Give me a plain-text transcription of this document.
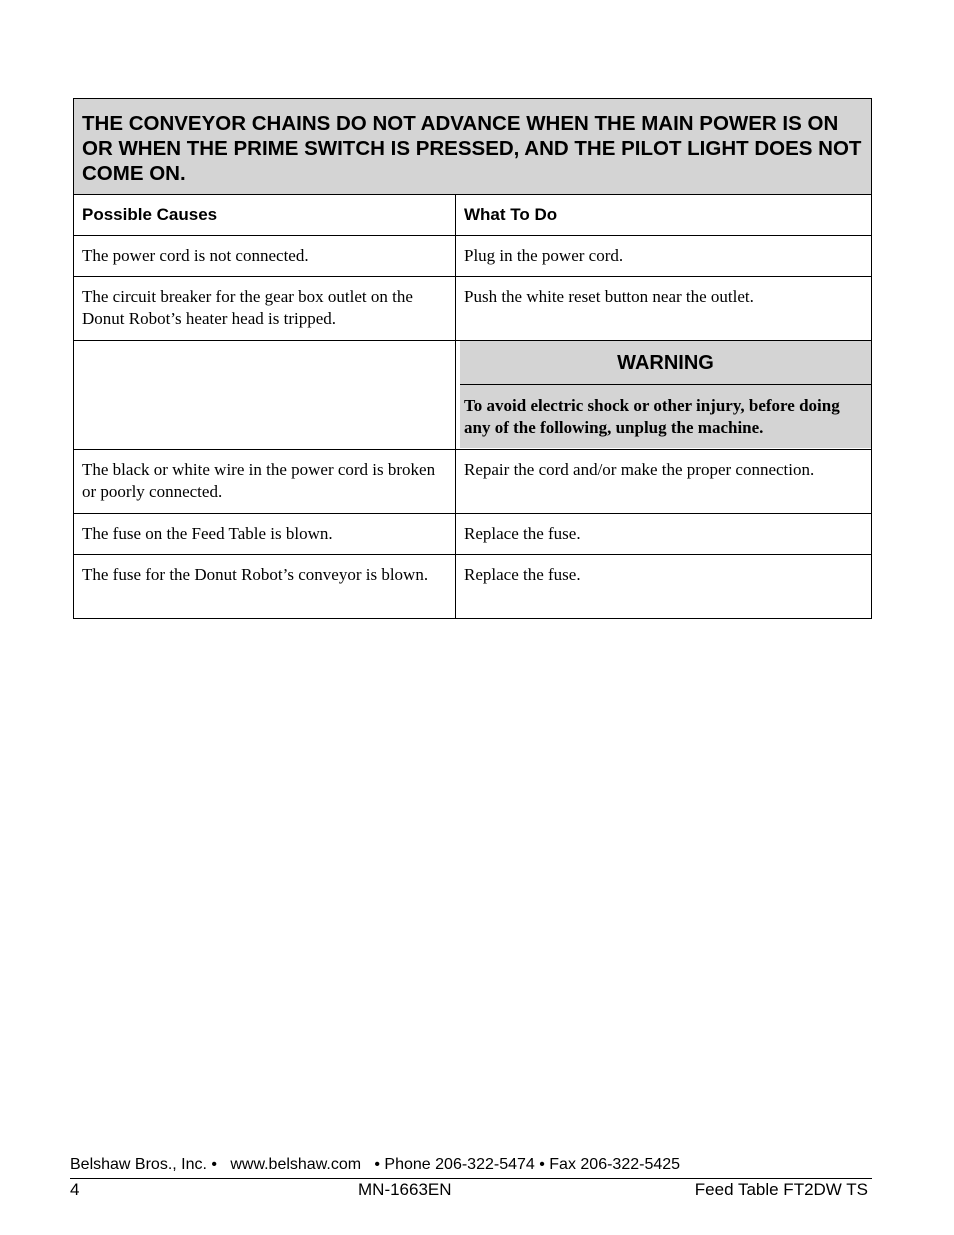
THE CONVEYOR CHAINS DO NOT ADVANCE WHEN THE MAIN POWER IS ON OR WHEN THE PRIME SWITCH IS PRESSED, AND THE PILOT LIGHT DOES NOT COME ON.	
Possible Causes	What To Do
The power cord is not connected.	Plug in the power cord.
The circuit breaker for the gear box outlet on the Donut Robot’s heater head is tripped.	Push the white reset button near the outlet.

	WARNING
To avoid electric shock or other injury, before doing any of the following, unplug the machine.

The black or white wire in the power cord is broken or poorly connected.	Repair the cord and/or make the proper connection.
The fuse on the Feed Table is blown.	Replace the fuse.
The fuse for the Donut Robot’s conveyor is blown.	Replace the fuse.
Belshaw Bros., Inc. •   www.belshaw.com   • Phone 206-322-5474 • Fax 206-322-5425
4	MN-1663EN	Feed Table FT2DW TS
